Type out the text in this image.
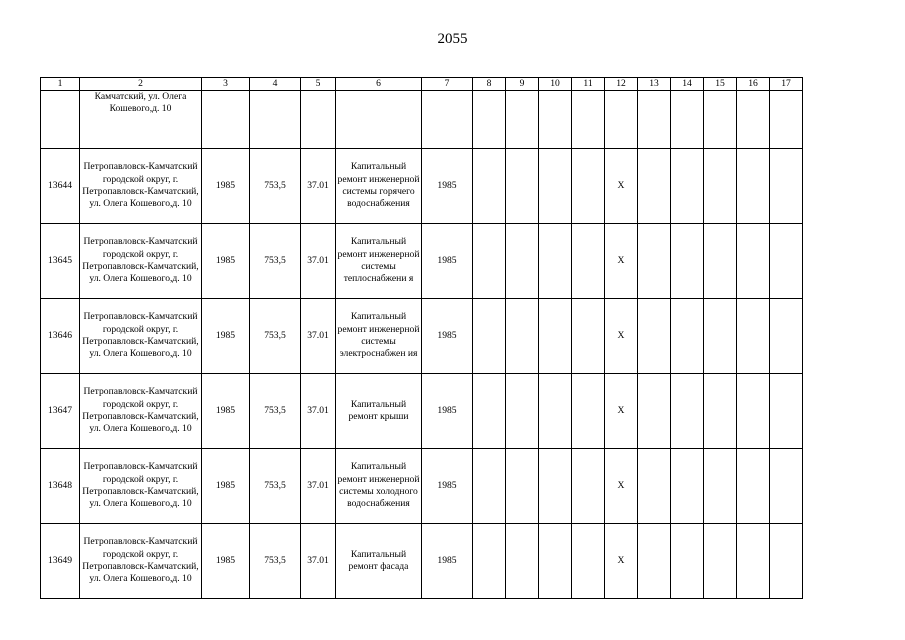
2055
1	2	3	4	5	6	7	8	9	10	11	12	13	14	15	16	17
	Камчатский, ул. Олега Кошевого,д. 10															
13644	Петропавловск-Камчатский городской округ, г. Петропавловск-Камчатский, ул. Олега Кошевого,д. 10	1985	753,5	37.01	Капитальный ремонт инженерной системы горячего водоснабжения	1985					X					
13645	Петропавловск-Камчатский городской округ, г. Петропавловск-Камчатский, ул. Олега Кошевого,д. 10	1985	753,5	37.01	Капитальный ремонт инженерной системы теплоснабжени я	1985					X					
13646	Петропавловск-Камчатский городской округ, г. Петропавловск-Камчатский, ул. Олега Кошевого,д. 10	1985	753,5	37.01	Капитальный ремонт инженерной системы электроснабжен ия	1985					X					
13647	Петропавловск-Камчатский городской округ, г. Петропавловск-Камчатский, ул. Олега Кошевого,д. 10	1985	753,5	37.01	Капитальный ремонт крыши	1985					X					
13648	Петропавловск-Камчатский городской округ, г. Петропавловск-Камчатский, ул. Олега Кошевого,д. 10	1985	753,5	37.01	Капитальный ремонт инженерной системы холодного водоснабжения	1985					X					
13649	Петропавловск-Камчатский городской округ, г. Петропавловск-Камчатский, ул. Олега Кошевого,д. 10	1985	753,5	37.01	Капитальный ремонт фасада	1985					X					
